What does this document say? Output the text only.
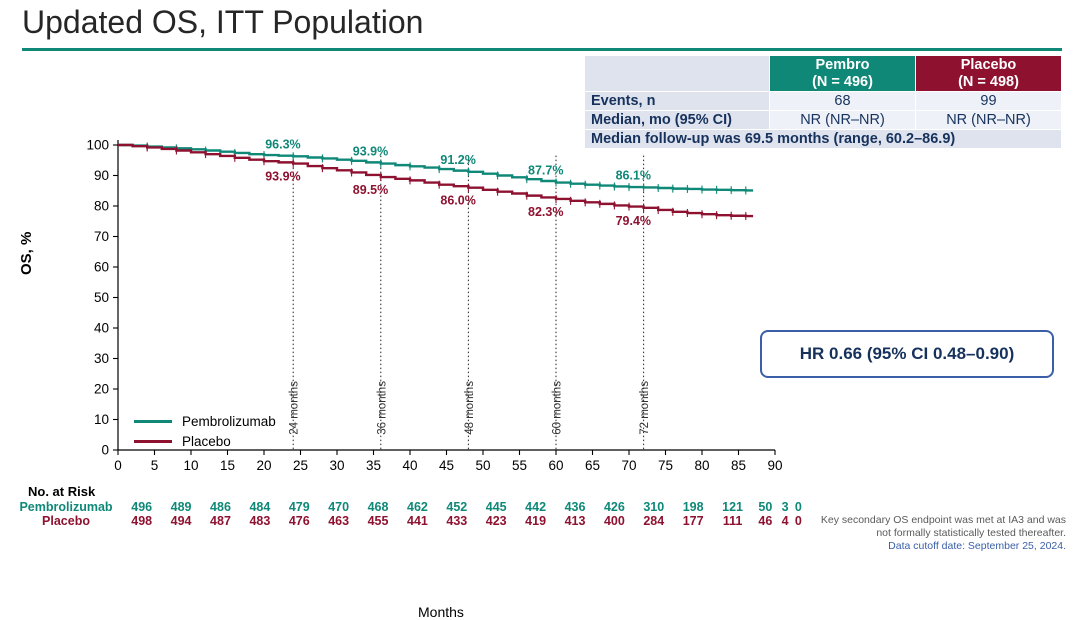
Updated OS, ITT Population

Pembro
(N = 496)

Placebo
(N = 498)

Events, n	68	99
Median, mo (95% CI)	NR (NR–NR)	NR (NR–NR)
Median follow-up was 69.5 months (range, 60.2–86.9)		
HR 0.66 (95% CI 0.48–0.90)
0
10
20
30
40
50
60
70
80
90
100
0 5 10 15 20 25 30 35 40 45 50 55 60 65 70 75 80 85 90
24 months	36 months	48 months	60 months	72 months
96.3%
93.9%
91.2%
87.7%	86.1%
93.9%
89.5%
86.0%
82.3%
79.4%
OS, %
Months
Pembrolizumab
Placebo
No. at Risk
Pembrolizumab	496	489	486	484	479	470	468	462	452	445	442	436	426	310	198	121	50	3	0
Placebo	498	494	487	483	476	463	455	441	433	423	419	413	400	284	177	111	46	4	0	Key secondary OS endpoint was met at IA3 and was not formally statistically tested thereafter.
Data cutoff date: September 25, 2024.
